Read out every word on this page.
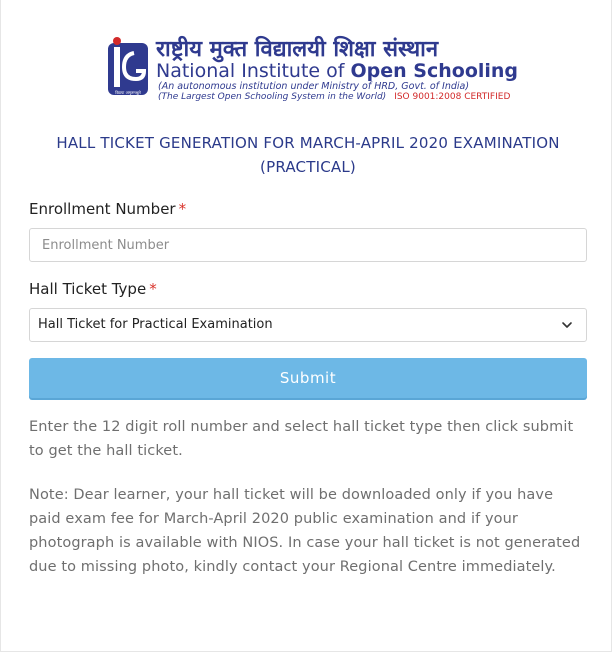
विद्यया अमृतमश्नुते
राष्ट्रीय मुक्त विद्यालयी शिक्षा संस्थान
National Institute of Open Schooling
(An autonomous institution under Ministry of HRD, Govt. of India)
(The Largest Open Schooling System in the World) ISO 9001:2008 CERTIFIED
HALL TICKET GENERATION FOR MARCH-APRIL 2020 EXAMINATION
(PRACTICAL)
Enrollment Number *
Enrollment Number
Hall Ticket Type *
Hall Ticket for Practical Examination
Submit
Enter the 12 digit roll number and select hall ticket type then click submit to get the hall ticket.
Note: Dear learner, your hall ticket will be downloaded only if you have paid exam fee for March-April 2020 public examination and if your photograph is available with NIOS. In case your hall ticket is not generated due to missing photo, kindly contact your Regional Centre immediately.
